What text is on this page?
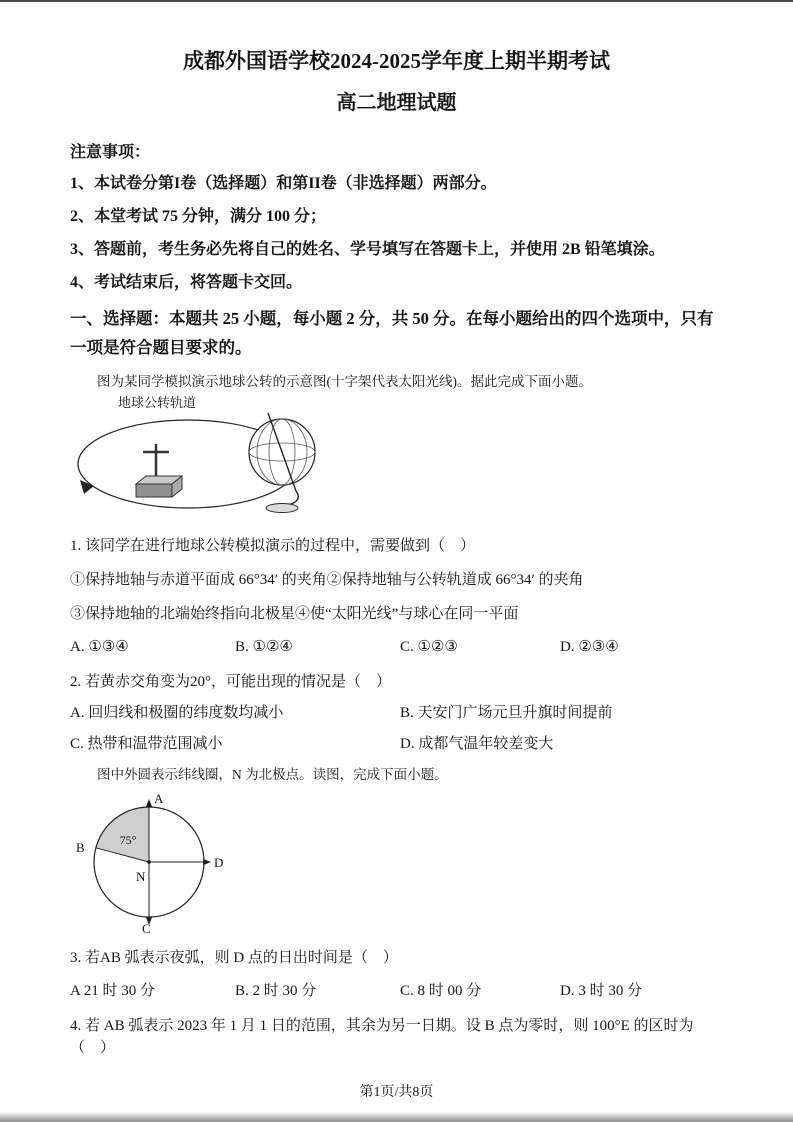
成都外国语学校2024-2025学年度上期半期考试
高二地理试题
注意事项：
1、本试卷分第I卷（选择题）和第II卷（非选择题）两部分。
2、本堂考试 75 分钟，满分 100 分；
3、答题前，考生务必先将自己的姓名、学号填写在答题卡上，并使用 2B 铅笔填涂。
4、考试结束后，将答题卡交回。
一、选择题：本题共 25 小题，每小题 2 分，共 50 分。在每小题给出的四个选项中，只有一项是符合题目要求的。
图为某同学模拟演示地球公转的示意图(十字架代表太阳光线)。据此完成下面小题。
地球公转轨道
1. 该同学在进行地球公转模拟演示的过程中，需要做到（　）
①保持地轴与赤道平面成 66°34′ 的夹角②保持地轴与公转轨道成 66°34′ 的夹角
③保持地轴的北端始终指向北极星④使“太阳光线”与球心在同一平面
A. ①③④	B. ①②④	C. ①②③	D. ②③④
2. 若黄赤交角变为20°，可能出现的情况是（　）
A. 回归线和极圈的纬度数均减小	B. 天安门广场元旦升旗时间提前
C. 热带和温带范围减小	D. 成都气温年较差变大
图中外圆表示纬线圈，N 为北极点。读图，完成下面小题。
A
B
N
D
C
75°
3. 若AB 弧表示夜弧，则 D 点的日出时间是（　）
A 21 时 30 分	B. 2 时 30 分	C. 8 时 00 分	D. 3 时 30 分
4. 若 AB 弧表示 2023 年 1 月 1 日的范围，其余为另一日期。设 B 点为零时，则 100°E 的区时为（　）
第1页/共8页
